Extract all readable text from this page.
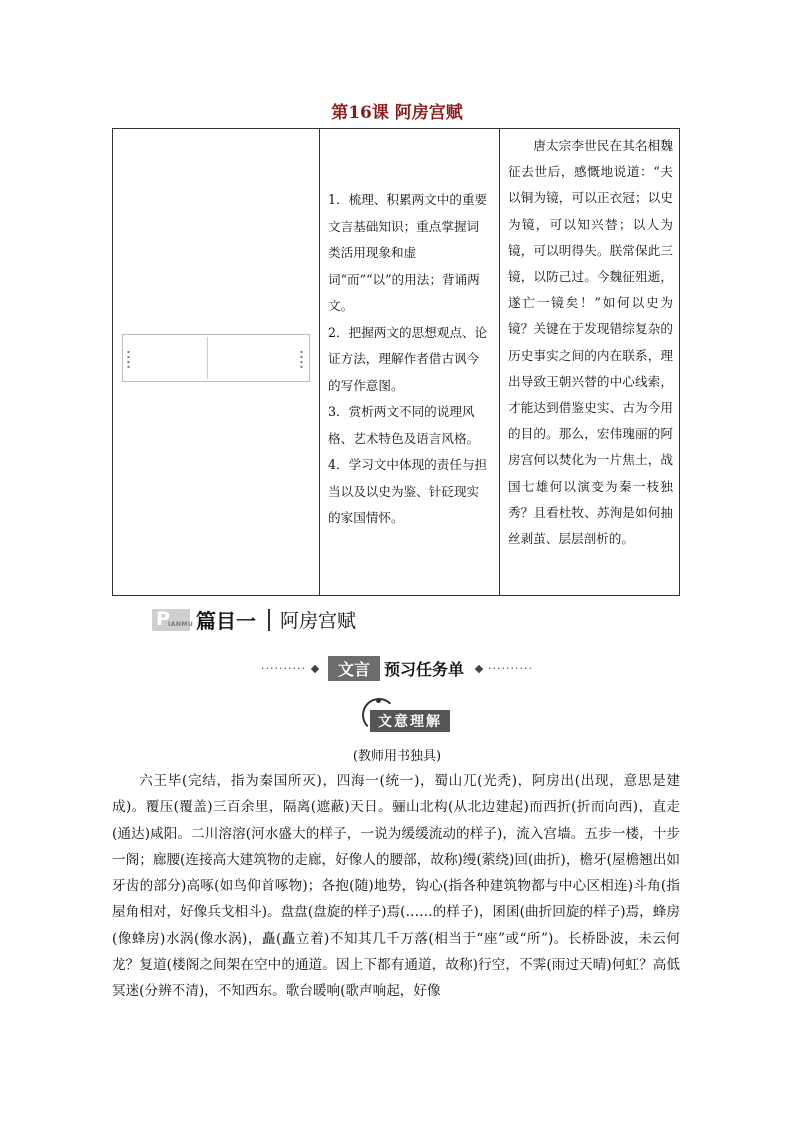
第16课 阿房宫赋
▪▪▪▪
▪▪▪▪

1．梳理、积累两文中的重要文言基础知识；重点掌握词类活用现象和虚词“而”“以”的用法；背诵两文。

2．把握两文的思想观点、论证方法，理解作者借古讽今的写作意图。

3．赏析两文不同的说理风格、艺术特色及语言风格。

4．学习文中体现的责任与担当以及以史为鉴、针砭现实的家国情怀。

唐太宗李世民在其名相魏征去世后，感慨地说道：“夫以铜为镜，可以正衣冠；以史为镜，可以知兴替；以人为镜，可以明得失。朕常保此三镜，以防己过。今魏征殂逝，遂亡一镜矣！”如何以史为镜？关键在于发现错综复杂的历史事实之间的内在联系，理出导致王朝兴替的中心线索，才能达到借鉴史实、古为今用的目的。那么，宏伟瑰丽的阿房宫何以焚化为一片焦土，战国七雄何以演变为秦一枝独秀？且看杜牧、苏洵是如何抽丝剥茧、层层剖析的。
P
IANMU 篇目一 阿房宫赋
··········	文言 预习任务单 ··········
文意理解
(教师用书独具)

六王毕(完结，指为秦国所灭)，四海一(统一)，蜀山兀(光秃)，阿房出(出现，意思是建成)。覆压(覆盖)三百余里，隔离(遮蔽)天日。骊山北构(从北边建起)而西折(折而向西)，直走(通达)咸阳。二川溶溶(河水盛大的样子，一说为缓缓流动的样子)，流入宫墙。五步一楼，十步一阁；廊腰(连接高大建筑物的走廊，好像人的腰部，故称)缦(萦绕)回(曲折)，檐牙(屋檐翘出如牙齿的部分)高啄(如鸟仰首啄物)；各抱(随)地势，钩心(指各种建筑物都与中心区相连)斗角(指屋角相对，好像兵戈相斗)。盘盘(盘旋的样子)焉(……的样子)，囷囷(曲折回旋的样子)焉，蜂房(像蜂房)水涡(像水涡)，矗(矗立着)不知其几千万落(相当于“座”或“所”)。长桥卧波，未云何龙？复道(楼阁之间架在空中的通道。因上下都有通道，故称)行空，不霁(雨过天晴)何虹？高低冥迷(分辨不清)，不知西东。歌台暖响(歌声响起，好像
